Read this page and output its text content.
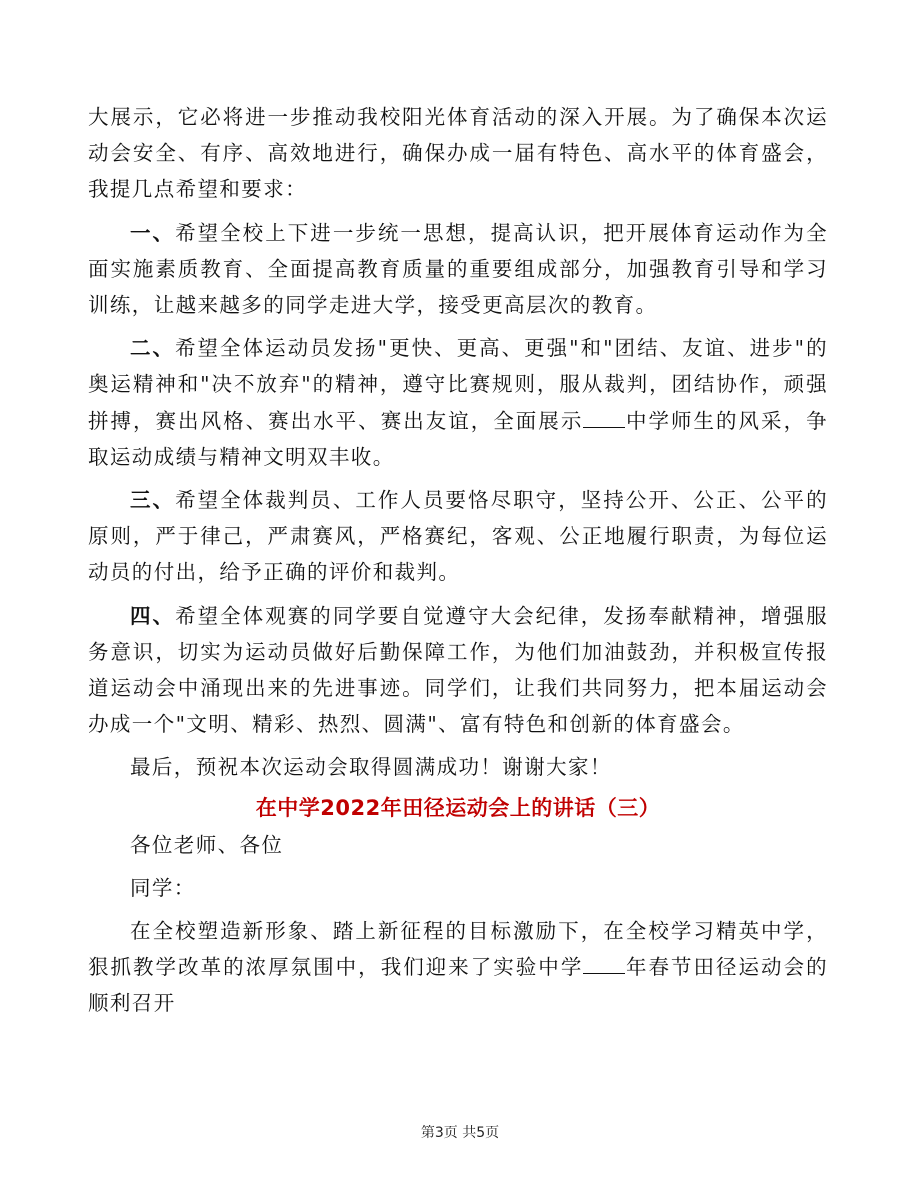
大展示，它必将进一步推动我校阳光体育活动的深入开展。为了确保本次运动会安全、有序、高效地进行，确保办成一届有特色、高水平的体育盛会，我提几点希望和要求：

一、希望全校上下进一步统一思想，提高认识，把开展体育运动作为全面实施素质教育、全面提高教育质量的重要组成部分，加强教育引导和学习训练，让越来越多的同学走进大学，接受更高层次的教育。

二、希望全体运动员发扬"更快、更高、更强"和"团结、友谊、进步"的奥运精神和"决不放弃"的精神，遵守比赛规则，服从裁判，团结协作，顽强拼搏，赛出风格、赛出水平、赛出友谊，全面展示 中学师生的风采，争取运动成绩与精神文明双丰收。

三、希望全体裁判员、工作人员要恪尽职守，坚持公开、公正、公平的原则，严于律己，严肃赛风，严格赛纪，客观、公正地履行职责，为每位运动员的付出，给予正确的评价和裁判。

四、希望全体观赛的同学要自觉遵守大会纪律，发扬奉献精神，增强服务意识，切实为运动员做好后勤保障工作，为他们加油鼓劲，并积极宣传报道运动会中涌现出来的先进事迹。同学们，让我们共同努力，把本届运动会办成一个"文明、精彩、热烈、圆满"、富有特色和创新的体育盛会。

最后，预祝本次运动会取得圆满成功！谢谢大家！

在中学2022年田径运动会上的讲话（三）

各位老师、各位

同学：

在全校塑造新形象、踏上新征程的目标激励下，在全校学习精英中学，狠抓教学改革的浓厚氛围中，我们迎来了实验中学 年春节田径运动会的顺利召开

第3页 共5页
